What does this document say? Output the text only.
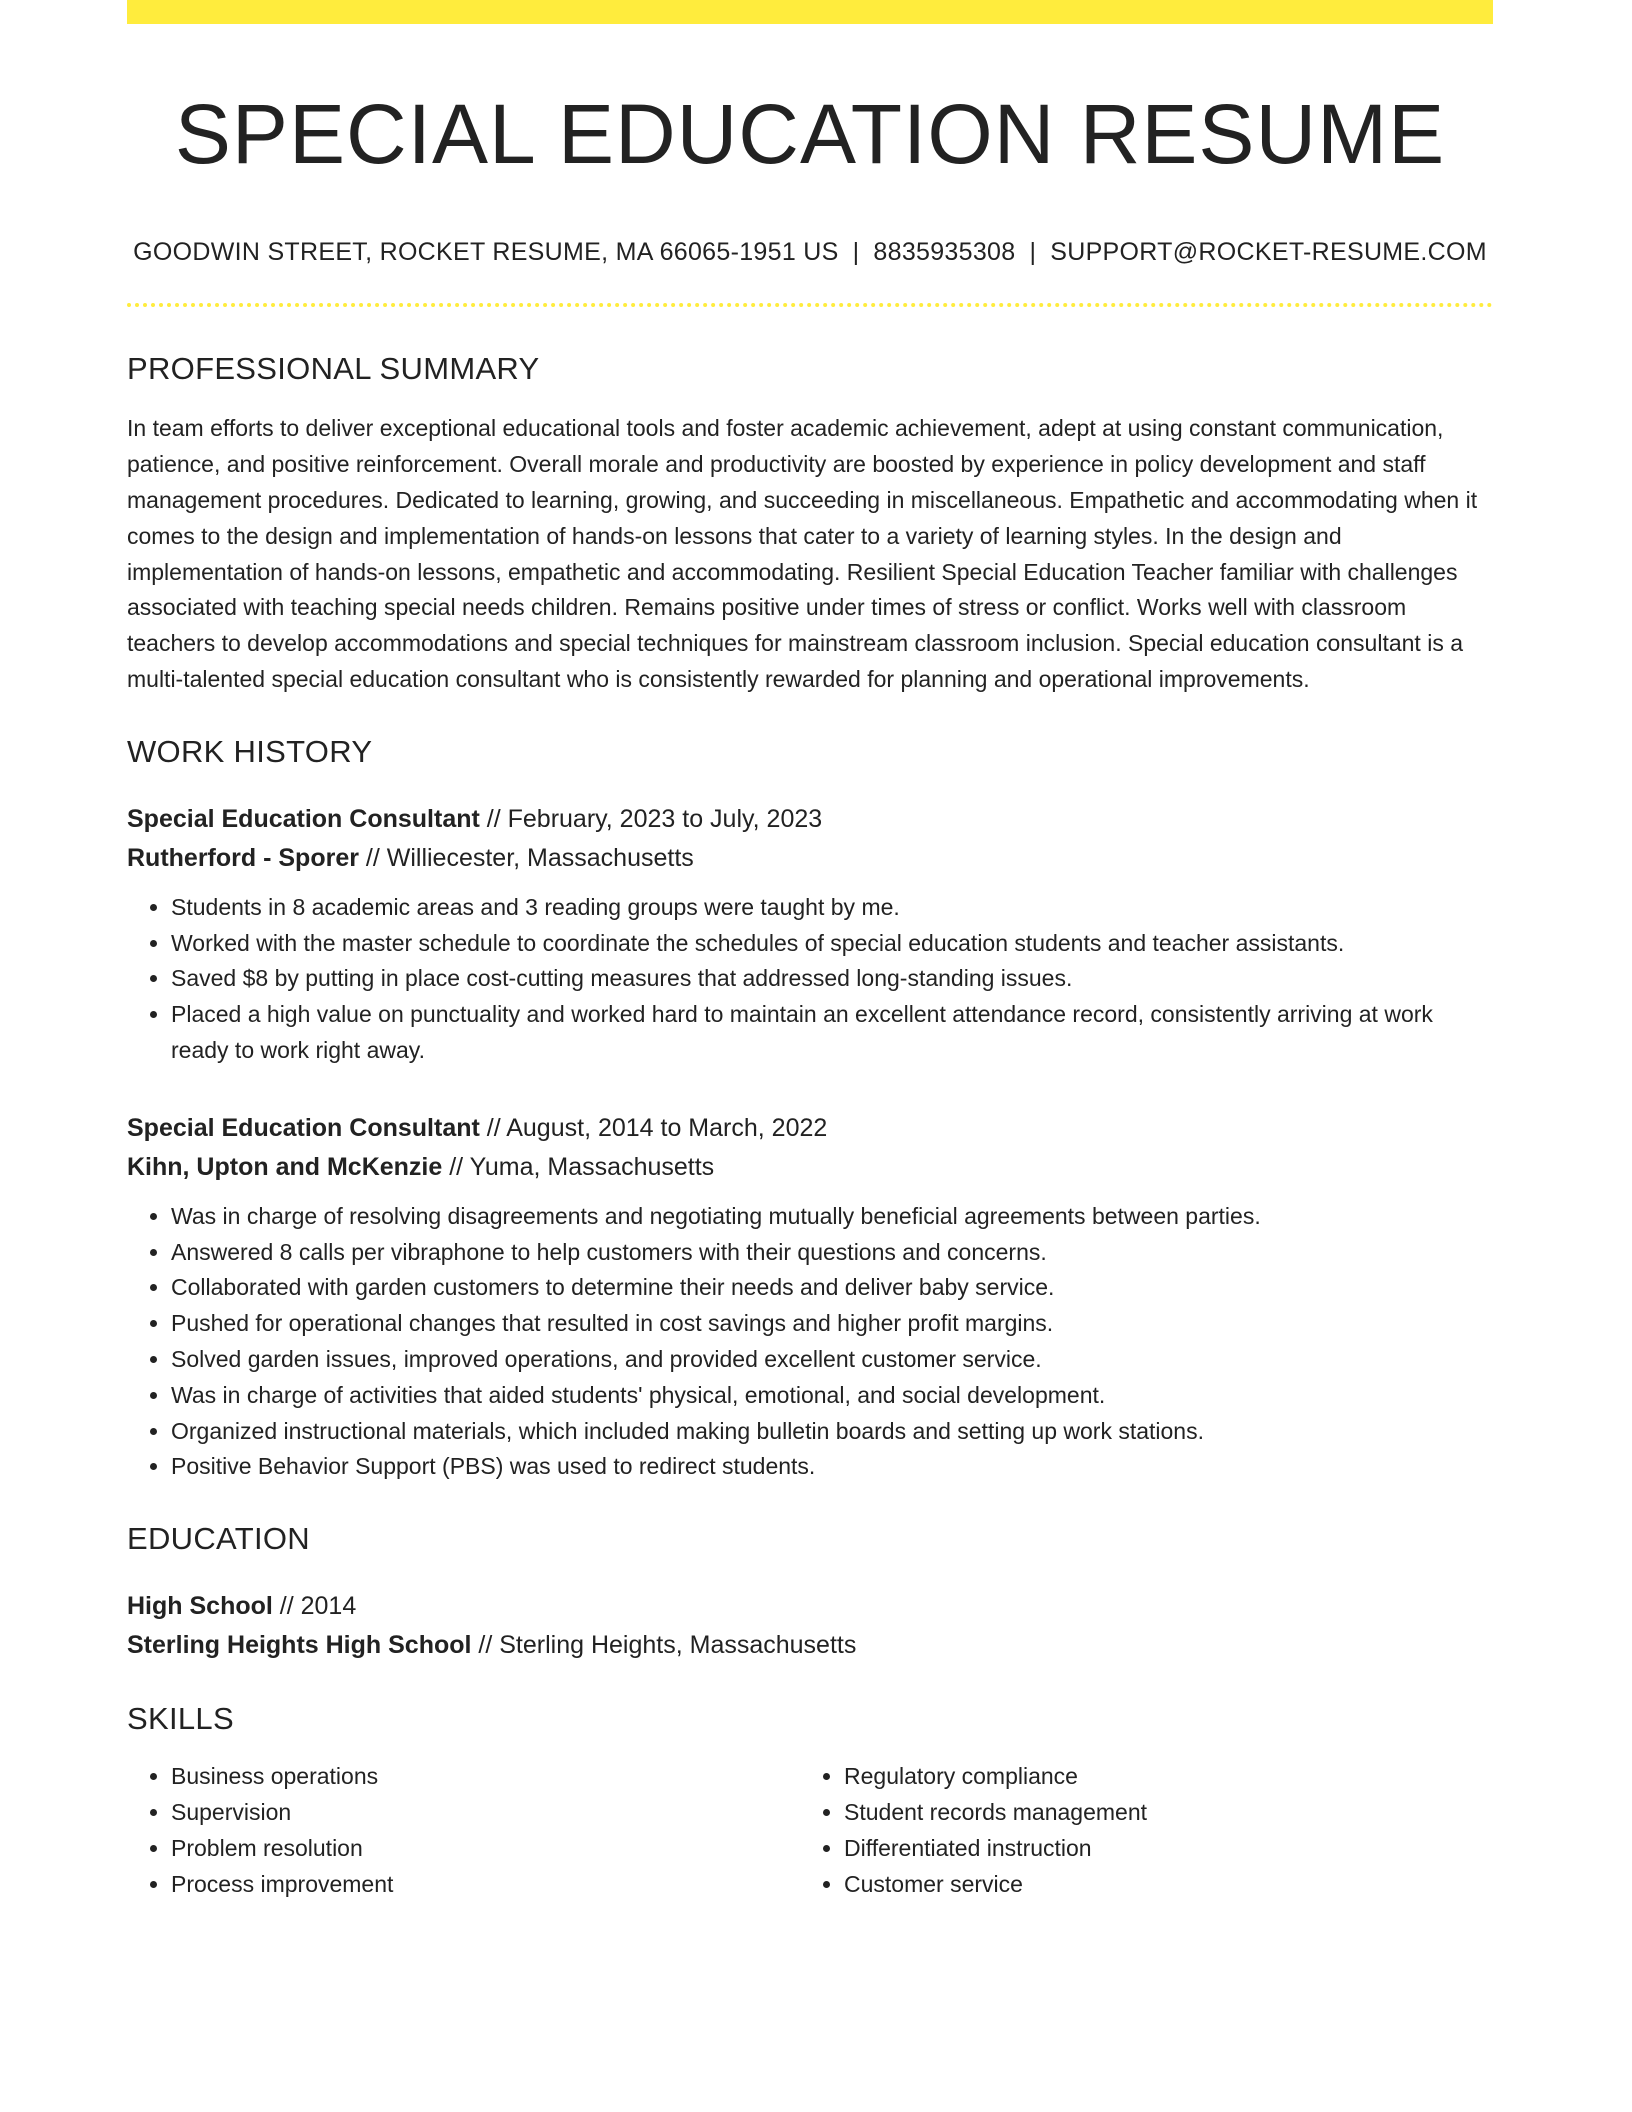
SPECIAL EDUCATION RESUME
GOODWIN STREET, ROCKET RESUME, MA 66065-1951 US | 8835935308 | SUPPORT@ROCKET-RESUME.COM
PROFESSIONAL SUMMARY
In team efforts to deliver exceptional educational tools and foster academic achievement, adept at using constant communication, patience, and positive reinforcement. Overall morale and productivity are boosted by experience in policy development and staff management procedures. Dedicated to learning, growing, and succeeding in miscellaneous. Empathetic and accommodating when it comes to the design and implementation of hands-on lessons that cater to a variety of learning styles. In the design and implementation of hands-on lessons, empathetic and accommodating. Resilient Special Education Teacher familiar with challenges associated with teaching special needs children. Remains positive under times of stress or conflict. Works well with classroom teachers to develop accommodations and special techniques for mainstream classroom inclusion. Special education consultant is a multi-talented special education consultant who is consistently rewarded for planning and operational improvements.
WORK HISTORY
Special Education Consultant // February, 2023 to July, 2023
Rutherford - Sporer // Williecester, Massachusetts
• Students in 8 academic areas and 3 reading groups were taught by me.
• Worked with the master schedule to coordinate the schedules of special education students and teacher assistants.
• Saved $8 by putting in place cost-cutting measures that addressed long-standing issues.
• Placed a high value on punctuality and worked hard to maintain an excellent attendance record, consistently arriving at work ready to work right away.
Special Education Consultant // August, 2014 to March, 2022
Kihn, Upton and McKenzie // Yuma, Massachusetts
• Was in charge of resolving disagreements and negotiating mutually beneficial agreements between parties.
• Answered 8 calls per vibraphone to help customers with their questions and concerns.
• Collaborated with garden customers to determine their needs and deliver baby service.
• Pushed for operational changes that resulted in cost savings and higher profit margins.
• Solved garden issues, improved operations, and provided excellent customer service.
• Was in charge of activities that aided students' physical, emotional, and social development.
• Organized instructional materials, which included making bulletin boards and setting up work stations.
• Positive Behavior Support (PBS) was used to redirect students.
EDUCATION
High School // 2014
Sterling Heights High School // Sterling Heights, Massachusetts
SKILLS
• Business operations
• Supervision
• Problem resolution
• Process improvement
• Regulatory compliance
• Student records management
• Differentiated instruction
• Customer service
